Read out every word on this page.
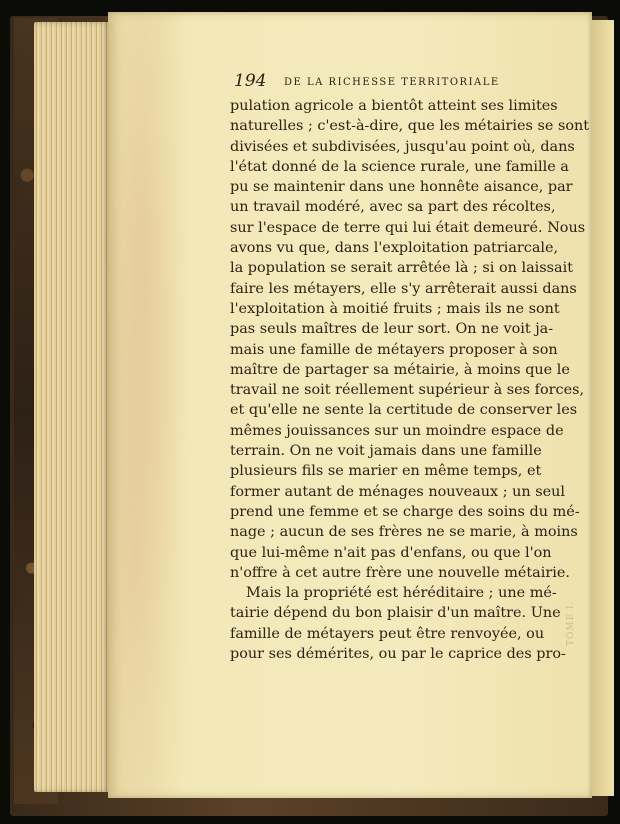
TOME I.
194 DE LA RICHESSE TERRITORIALE
pulation agricole a bientôt atteint ses limites
naturelles ; c'est-à-dire, que les métairies se sont
divisées et subdivisées, jusqu'au point où, dans
l'état donné de la science rurale, une famille a
pu se maintenir dans une honnête aisance, par
un travail modéré, avec sa part des récoltes,
sur l'espace de terre qui lui était demeuré. Nous
avons vu que, dans l'exploitation patriarcale,
la population se serait arrêtée là ; si on laissait
faire les métayers, elle s'y arrêterait aussi dans
l'exploitation à moitié fruits ; mais ils ne sont
pas seuls maîtres de leur sort. On ne voit ja-
mais une famille de métayers proposer à son
maître de partager sa métairie, à moins que le
travail ne soit réellement supérieur à ses forces,
et qu'elle ne sente la certitude de conserver les
mêmes jouissances sur un moindre espace de
terrain. On ne voit jamais dans une famille
plusieurs fils se marier en même temps, et
former autant de ménages nouveaux ; un seul
prend une femme et se charge des soins du mé-
nage ; aucun de ses frères ne se marie, à moins
que lui-même n'ait pas d'enfans, ou que l'on
n'offre à cet autre frère une nouvelle métairie.
Mais la propriété est héréditaire ; une mé-
tairie dépend du bon plaisir d'un maître. Une
famille de métayers peut être renvoyée, ou
pour ses démérites, ou par le caprice des pro-
